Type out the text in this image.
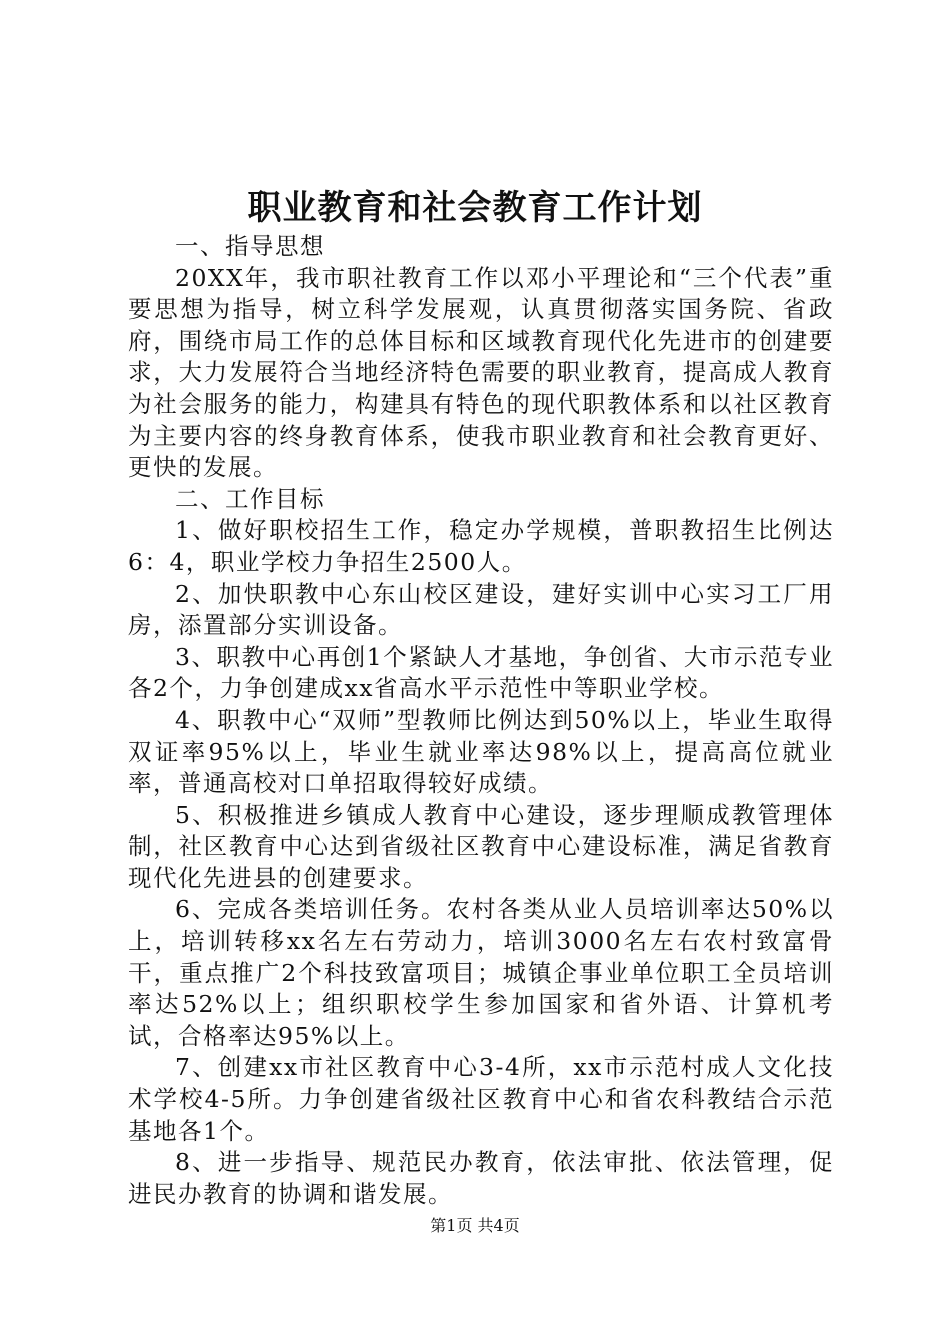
职业教育和社会教育工作计划

一、指导思想

20XX年，我市职社教育工作以邓小平理论和“三个代表”重要思想为指导，树立科学发展观，认真贯彻落实国务院、省政府，围绕市局工作的总体目标和区域教育现代化先进市的创建要求，大力发展符合当地经济特色需要的职业教育，提高成人教育为社会服务的能力，构建具有特色的现代职教体系和以社区教育为主要内容的终身教育体系，使我市职业教育和社会教育更好、更快的发展。

二、工作目标

1、做好职校招生工作，稳定办学规模，普职教招生比例达6：4，职业学校力争招生2500人。

2、加快职教中心东山校区建设，建好实训中心实习工厂用房，添置部分实训设备。

3、职教中心再创1个紧缺人才基地，争创省、大市示范专业各2个，力争创建成xx省高水平示范性中等职业学校。

4、职教中心“双师”型教师比例达到50%以上，毕业生取得双证率95%以上，毕业生就业率达98%以上，提高高位就业率，普通高校对口单招取得较好成绩。

5、积极推进乡镇成人教育中心建设，逐步理顺成教管理体制，社区教育中心达到省级社区教育中心建设标准，满足省教育现代化先进县的创建要求。

6、完成各类培训任务。农村各类从业人员培训率达50%以上，培训转移xx名左右劳动力，培训3000名左右农村致富骨干，重点推广2个科技致富项目；城镇企事业单位职工全员培训率达52%以上；组织职校学生参加国家和省外语、计算机考试，合格率达95%以上。

7、创建xx市社区教育中心3-4所，xx市示范村成人文化技术学校4-5所。力争创建省级社区教育中心和省农科教结合示范基地各1个。

8、进一步指导、规范民办教育，依法审批、依法管理，促进民办教育的协调和谐发展。

第1页 共4页
